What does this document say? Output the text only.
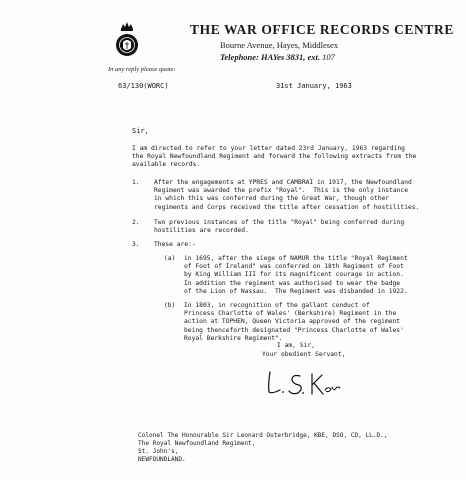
THE WAR OFFICE RECORDS CENTRE
Bourne Avenue, Hayes, Middlesex
Telephone: HAYes 3831, ext. 107
In any reply please quote:
63/130(WORC)	31st January, 1963
Sir,
I am directed to refer to your letter dated 23rd January, 1963 regarding
the Royal Newfoundland Regiment and forward the following extracts from the
available records.
1. After the engagements at YPRES and CAMBRAI in 1917, the Newfoundland
Regiment was awarded the prefix "Royal".  This is the only instance
in which this was conferred during the Great War, though other
regiments and Corps received the title after cessation of hostilities.
2. Two previous instances of the title "Royal" being conferred during
hostilities are recorded.
3. These are:-
(a) in 1695, after the siege of NAMUR the title "Royal Regiment
of Foot of Ireland" was conferred on 18th Regiment of Foot
by King William III for its magnificent courage in action.
In addition the regiment was authorised to wear the badge
of the Lion of Nassau.  The Regiment was disbanded in 1922.
(b) In 1803, in recognition of the gallant conduct of
Princess Charlotte of Wales' (Berkshire) Regiment in the
action at TOPHEN, Queen Victoria approved of the regiment
being thenceforth designated "Princess Charlotte of Wales'
Royal Berkshire Regiment".
I am, Sir,
Your obedient Servant,
Colonel The Honourable Sir Leonard Outerbridge, KBE, DSO, CD, LL.D.,
The Royal Newfoundland Regiment,
St. John's,
NEWFOUNDLAND.
